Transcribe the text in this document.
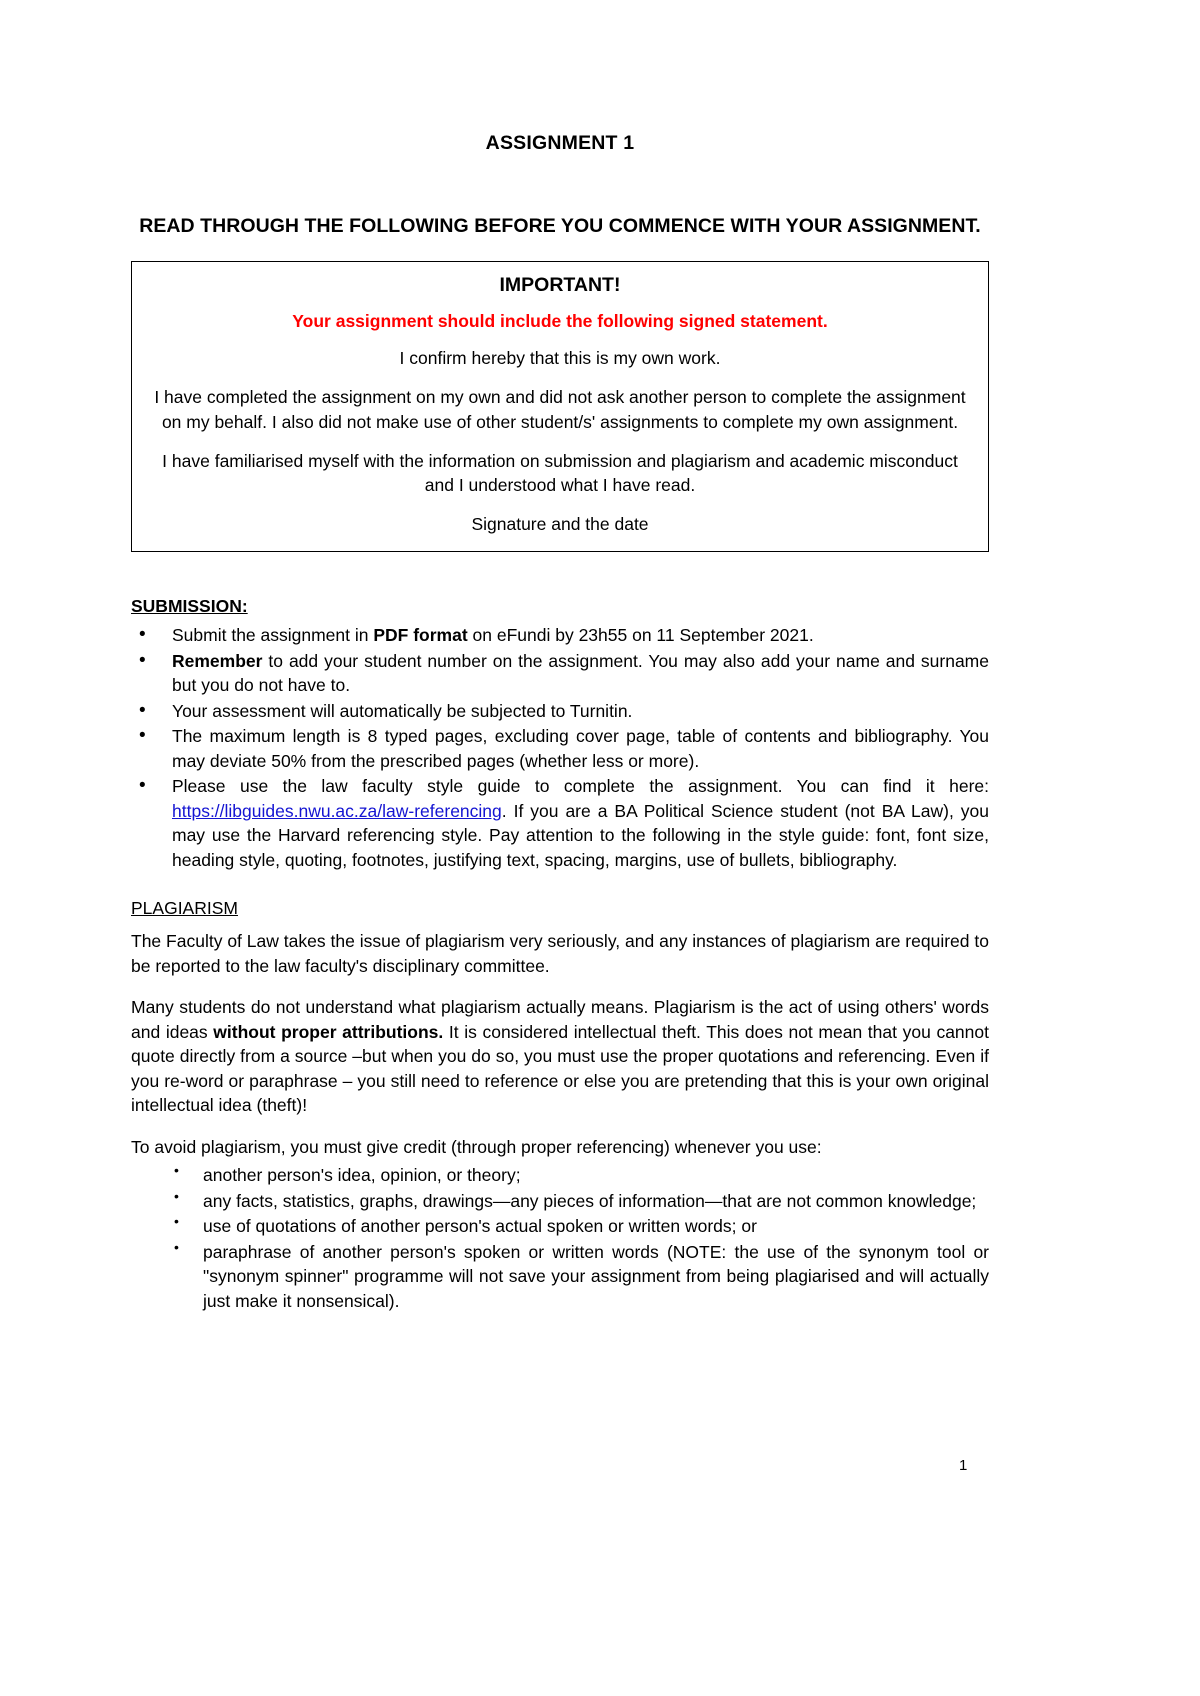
ASSIGNMENT 1
READ THROUGH THE FOLLOWING BEFORE YOU COMMENCE WITH YOUR ASSIGNMENT.
IMPORTANT!
Your assignment should include the following signed statement.
I confirm hereby that this is my own work.
I have completed the assignment on my own and did not ask another person to complete the assignment on my behalf. I also did not make use of other student/s' assignments to complete my own assignment.
I have familiarised myself with the information on submission and plagiarism and academic misconduct and I understood what I have read.
Signature and the date
SUBMISSION:
• Submit the assignment in PDF format on eFundi by 23h55 on 11 September 2021.
• Remember to add your student number on the assignment. You may also add your name and surname but you do not have to.
• Your assessment will automatically be subjected to Turnitin.
• The maximum length is 8 typed pages, excluding cover page, table of contents and bibliography. You may deviate 50% from the prescribed pages (whether less or more).
• Please use the law faculty style guide to complete the assignment. You can find it here: https://libguides.nwu.ac.za/law-referencing. If you are a BA Political Science student (not BA Law), you may use the Harvard referencing style. Pay attention to the following in the style guide: font, font size, heading style, quoting, footnotes, justifying text, spacing, margins, use of bullets, bibliography.
PLAGIARISM

The Faculty of Law takes the issue of plagiarism very seriously, and any instances of plagiarism are required to be reported to the law faculty's disciplinary committee.

Many students do not understand what plagiarism actually means. Plagiarism is the act of using others' words and ideas without proper attributions. It is considered intellectual theft. This does not mean that you cannot quote directly from a source –but when you do so, you must use the proper quotations and referencing. Even if you re-word or paraphrase – you still need to reference or else you are pretending that this is your own original intellectual idea (theft)!

To avoid plagiarism, you must give credit (through proper referencing) whenever you use:

• another person's idea, opinion, or theory;
• any facts, statistics, graphs, drawings—any pieces of information—that are not common knowledge;
• use of quotations of another person's actual spoken or written words; or
• paraphrase of another person's spoken or written words (NOTE: the use of the synonym tool or "synonym spinner" programme will not save your assignment from being plagiarised and will actually just make it nonsensical).
1
